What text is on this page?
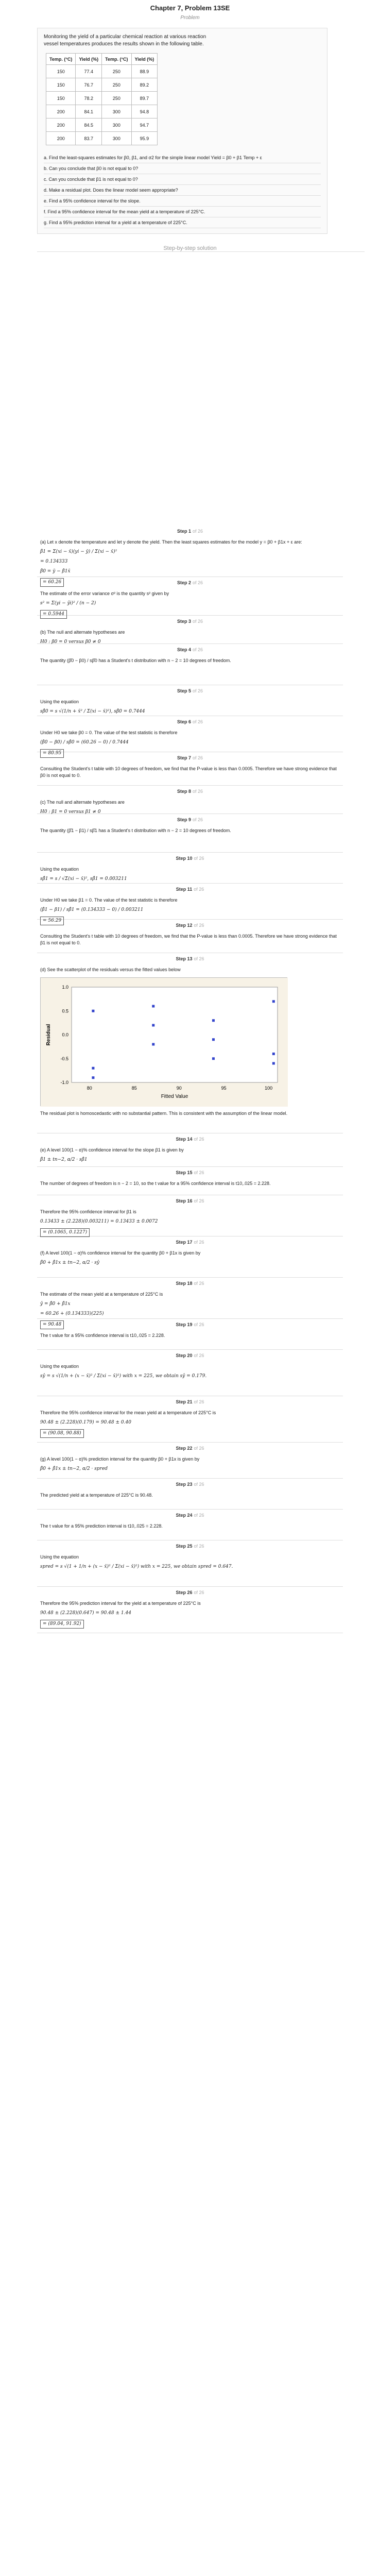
Chapter 7, Problem 13SE
Problem
Monitoring the yield of a particular chemical reaction at various reaction vessel temperatures produces the results shown in the following table.
Temp. (°C)	Yield (%)	Temp. (°C)	Yield (%)
150	77.4	250	88.9
150	76.7	250	89.2
150	78.2	250	89.7
200	84.1	300	94.8
200	84.5	300	94.7
200	83.7	300	95.9
a. Find the least-squares estimates for β0, β1, and σ2 for the simple linear model Yield = β0 + β1 Temp + ε
b. Can you conclude that β0 is not equal to 0?
c. Can you conclude that β1 is not equal to 0?
d. Make a residual plot. Does the linear model seem appropriate?
e. Find a 95% confidence interval for the slope.
f. Find a 95% confidence interval for the mean yield at a temperature of 225°C.
g. Find a 95% prediction interval for a yield at a temperature of 225°C.
Step-by-step solution
Step 1 of 26
(a) Let x denote the temperature and let y denote the yield. Then the least squares estimates for the model y = β0 + β1x + ε are:
β̂1 = Σ(xi − x̄)(yi − ȳ) / Σ(xi − x̄)²
= 0.134333
β̂0 = ȳ − β̂1x̄
= 60.26	Step 2 of 26
The estimate of the error variance σ² is the quantity s² given by
s² = Σ(yi − ŷi)² / (n − 2)
= 0.5944
Step 3 of 26
(b) The null and alternate hypotheses are
H0 : β0 = 0 versus β0 ≠ 0
Step 4 of 26
The quantity (β̂0 − β0) / sβ̂0 has a Student's t distribution with n − 2 = 10 degrees of freedom.
Step 5 of 26
Using the equation
sβ̂0 = s √(1/n + x̄² / Σ(xi − x̄)²), sβ̂0 = 0.7444
Step 6 of 26
Under H0 we take β0 = 0. The value of the test statistic is therefore
(β̂0 − β0) / sβ̂0 = (60.26 − 0) / 0.7444
= 80.95
Step 7 of 26
Consulting the Student's t table with 10 degrees of freedom, we find that the P-value is less than 0.0005. Therefore we have strong evidence that β0 is not equal to 0.
Step 8 of 26
(c) The null and alternate hypotheses are
H0 : β1 = 0 versus β1 ≠ 0
Step 9 of 26
The quantity (β̂1 − β1) / sβ̂1 has a Student's t distribution with n − 2 = 10 degrees of freedom.
Step 10 of 26
Using the equation
sβ̂1 = s / √Σ(xi − x̄)², sβ̂1 = 0.003211
Step 11 of 26
Under H0 we take β1 = 0. The value of the test statistic is therefore
(β̂1 − β1) / sβ̂1 = (0.134333 − 0) / 0.003211
= 56.29
Step 12 of 26
Consulting the Student's t table with 10 degrees of freedom, we find that the P-value is less than 0.0005. Therefore we have strong evidence that β1 is not equal to 0.
Step 13 of 26
(d) See the scatterplot of the residuals versus the fitted values below
80	85	90	95	100
1.0
0.5
0.0
-0.5
-1.0
Fitted Value
Residual
The residual plot is homoscedastic with no substantial pattern. This is consistent with the assumption of the linear model.
Step 14 of 26
(e) A level 100(1 − α)% confidence interval for the slope β1 is given by
β̂1 ± tn−2, α/2 · sβ̂1
Step 15 of 26
The number of degrees of freedom is n − 2 = 10, so the t value for a 95% confidence interval is t10,.025 = 2.228.
Step 16 of 26
Therefore the 95% confidence interval for β1 is
0.13433 ± (2.228)(0.003211) = 0.13433 ± 0.0072
= (0.1065, 0.1227)
Step 17 of 26
(f) A level 100(1 − α)% confidence interval for the quantity β0 + β1x is given by
β̂0 + β̂1x ± tn−2, α/2 · sŷ
Step 18 of 26
The estimate of the mean yield at a temperature of 225°C is
ŷ = β̂0 + β̂1x
= 60.26 + (0.134333)(225)
= 90.48	Step 19 of 26
The t value for a 95% confidence interval is t10,.025 = 2.228.
Step 20 of 26
Using the equation
sŷ = s √(1/n + (x − x̄)² / Σ(xi − x̄)²) with x = 225, we obtain sŷ = 0.179.
Step 21 of 26
Therefore the 95% confidence interval for the mean yield at a temperature of 225°C is
90.48 ± (2.228)(0.179) = 90.48 ± 0.40
= (90.08, 90.88)
Step 22 of 26
(g) A level 100(1 − α)% prediction interval for the quantity β0 + β1x is given by
β̂0 + β̂1x ± tn−2, α/2 · spred
Step 23 of 26
The predicted yield at a temperature of 225°C is 90.48.
Step 24 of 26
The t value for a 95% prediction interval is t10,.025 = 2.228.
Step 25 of 26
Using the equation
spred = s √(1 + 1/n + (x − x̄)² / Σ(xi − x̄)²) with x = 225, we obtain spred = 0.647.
Step 26 of 26
Therefore the 95% prediction interval for the yield at a temperature of 225°C is
90.48 ± (2.228)(0.647) = 90.48 ± 1.44
= (89.04, 91.92)
